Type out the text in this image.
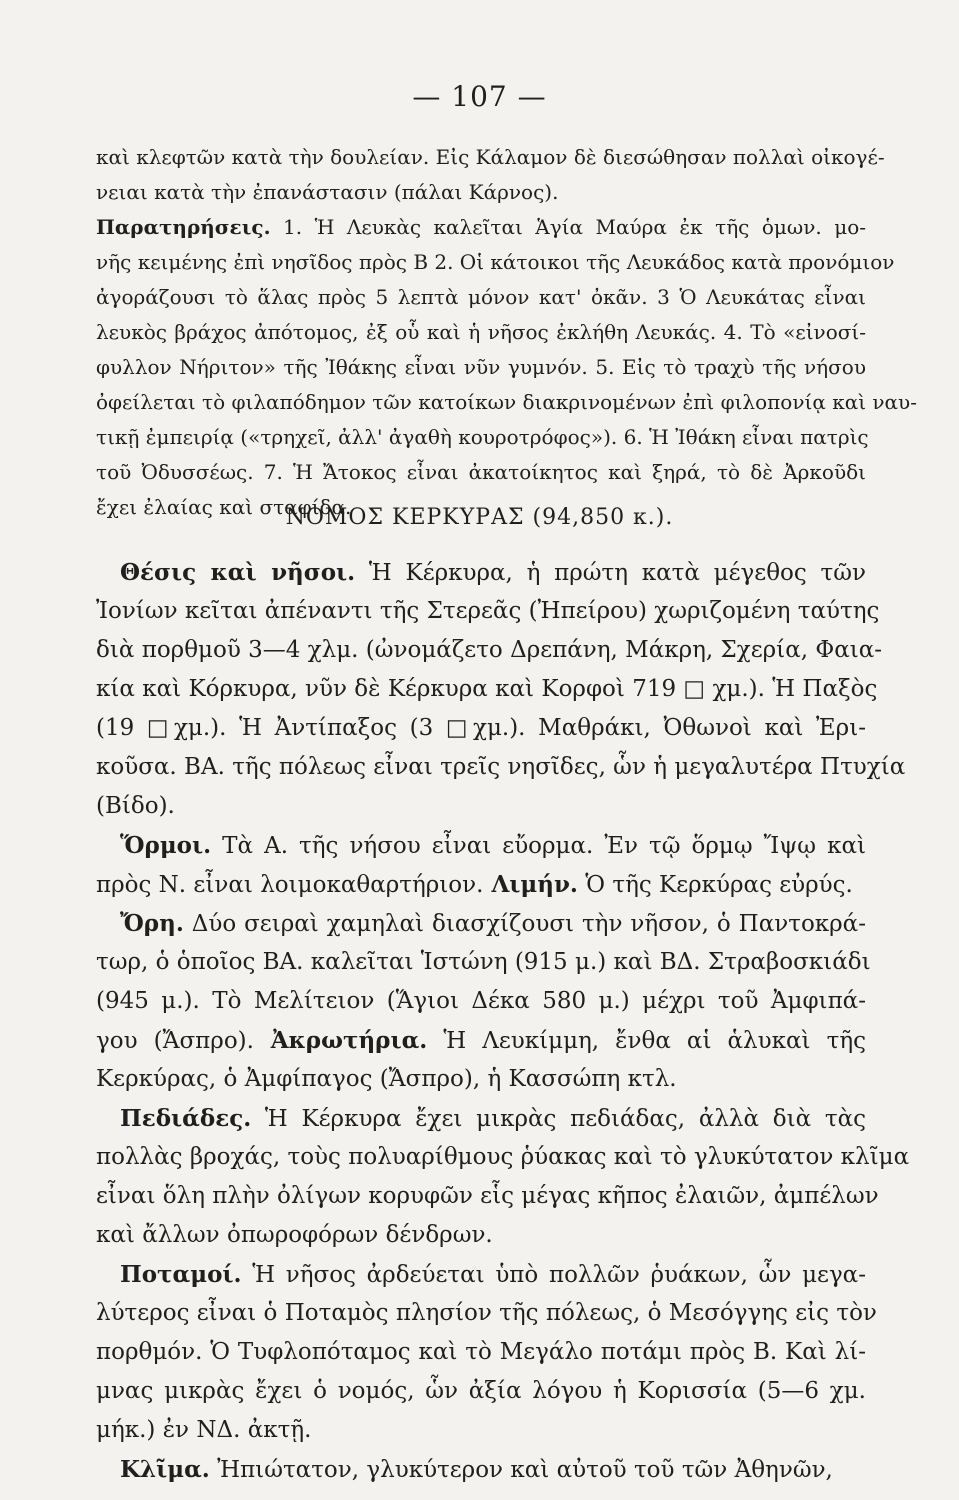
— 107 —
καὶ κλεφτῶν κατὰ τὴν δουλείαν. Εἰς Κάλαμον δὲ διεσώθησαν πολλαὶ οἰκογέ-
νειαι κατὰ τὴν ἐπανάστασιν (πάλαι Κάρνος).
Παρατηρήσεις. 1. Ἡ Λευκὰς καλεῖται Ἁγία Μαύρα ἐκ τῆς ὁμων. μο-
νῆς κειμένης ἐπὶ νησῖδος πρὸς Β 2. Οἱ κάτοικοι τῆς Λευκάδος κατὰ προνόμιον
ἀγοράζουσι τὸ ἅλας πρὸς 5 λεπτὰ μόνον κατ' ὀκᾶν. 3 Ὁ Λευκάτας εἶναι
λευκὸς βράχος ἀπότομος, ἐξ οὗ καὶ ἡ νῆσος ἐκλήθη Λευκάς. 4. Τὸ «εἰνοσί-
φυλλον Νήριτον» τῆς Ἰθάκης εἶναι νῦν γυμνόν. 5. Εἰς τὸ τραχὺ τῆς νήσου
ὀφείλεται τὸ φιλαπόδημον τῶν κατοίκων διακρινομένων ἐπὶ φιλοπονίᾳ καὶ ναυ-
τικῇ ἐμπειρίᾳ («τρηχεῖ, ἀλλ' ἀγαθὴ κουροτρόφος»). 6. Ἡ Ἰθάκη εἶναι πατρὶς
τοῦ Ὀδυσσέως. 7. Ἡ Ἄτοκος εἶναι ἀκατοίκητος καὶ ξηρά, τὸ δὲ Ἀρκοῦδι
ἔχει ἐλαίας καὶ σταφίδα.
ΝΟΜΟΣ ΚΕΡΚΥΡΑΣ (94,850 κ.).
Θέσις καὶ νῆσοι. Ἡ Κέρκυρα, ἡ πρώτη κατὰ μέγεθος τῶν
Ἰονίων κεῖται ἀπέναντι τῆς Στερεᾶς (Ἠπείρου) χωριζομένη ταύτης
διὰ πορθμοῦ 3—4 χλμ. (ὠνομάζετο Δρεπάνη, Μάκρη, Σχερία, Φαια-
κία καὶ Κόρκυρα, νῦν δὲ Κέρκυρα καὶ Κορφοὶ 719 □ χμ.). Ἡ Παξὸς
(19 □χμ.). Ἡ Ἀντίπαξος (3 □χμ.). Μαθράκι, Ὀθωνοὶ καὶ Ἐρι-
κοῦσα. ΒΑ. τῆς πόλεως εἶναι τρεῖς νησῖδες, ὧν ἡ μεγαλυτέρα Πτυχία
(Βίδο).
Ὅρμοι. Τὰ Α. τῆς νήσου εἶναι εὔορμα. Ἐν τῷ ὅρμῳ Ἴψῳ καὶ
πρὸς Ν. εἶναι λοιμοκαθαρτήριον. Λιμήν. Ὁ τῆς Κερκύρας εὐρύς.
Ὄρη. Δύο σειραὶ χαμηλαὶ διασχίζουσι τὴν νῆσον, ὁ Παντοκρά-
τωρ, ὁ ὁποῖος ΒΑ. καλεῖται Ἱστώνη (915 μ.) καὶ ΒΔ. Στραβοσκιάδι
(945 μ.). Τὸ Μελίτειον (Ἅγιοι Δέκα 580 μ.) μέχρι τοῦ Ἀμφιπά-
γου (Ἄσπρο). Ἀκρωτήρια. Ἡ Λευκίμμη, ἔνθα αἱ ἁλυκαὶ τῆς
Κερκύρας, ὁ Ἀμφίπαγος (Ἄσπρο), ἡ Κασσώπη κτλ.
Πεδιάδες. Ἡ Κέρκυρα ἔχει μικρὰς πεδιάδας, ἀλλὰ διὰ τὰς
πολλὰς βροχάς, τοὺς πολυαρίθμους ῥύακας καὶ τὸ γλυκύτατον κλῖμα
εἶναι ὅλη πλὴν ὀλίγων κορυφῶν εἷς μέγας κῆπος ἐλαιῶν, ἀμπέλων
καὶ ἄλλων ὀπωροφόρων δένδρων.
Ποταμοί. Ἡ νῆσος ἀρδεύεται ὑπὸ πολλῶν ῥυάκων, ὧν μεγα-
λύτερος εἶναι ὁ Ποταμὸς πλησίον τῆς πόλεως, ὁ Μεσόγγης εἰς τὸν
πορθμόν. Ὁ Τυφλοπόταμος καὶ τὸ Μεγάλο ποτάμι πρὸς Β. Καὶ λί-
μνας μικρὰς ἔχει ὁ νομός, ὧν ἀξία λόγου ἡ Κορισσία (5—6 χμ.
μήκ.) ἐν ΝΔ. ἀκτῇ.
Κλῖμα. Ἠπιώτατον, γλυκύτερον καὶ αὐτοῦ τοῦ τῶν Ἀθηνῶν,
